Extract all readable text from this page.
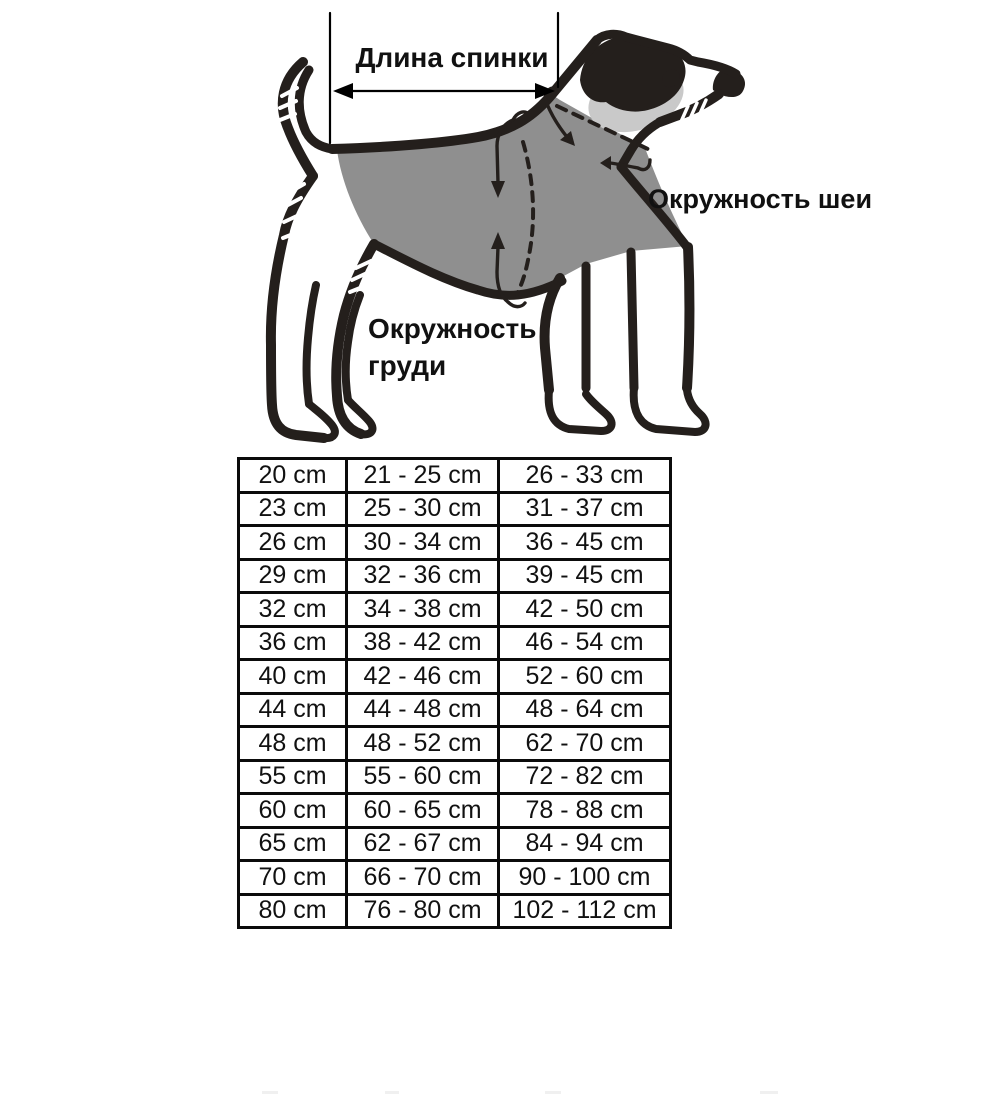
Длина спинки
Окружность шеи
Окружность
груди
20 cm	21 - 25 cm	26 - 33 cm
23 cm	25 - 30 cm	31 - 37 cm
26 cm	30 - 34 cm	36 - 45 cm
29 cm	32 - 36 cm	39 - 45 cm
32 cm	34 - 38 cm	42 - 50 cm
36 cm	38 - 42 cm	46 - 54 cm
40 cm	42 - 46 cm	52 - 60 cm
44 cm	44 - 48 cm	48 - 64 cm
48 cm	48 - 52 cm	62 - 70 cm
55 cm	55 - 60 cm	72 - 82 cm
60 cm	60 - 65 cm	78 - 88 cm
65 cm	62 - 67 cm	84 - 94 cm
70 cm	66 - 70 cm	90 - 100 cm
80 cm	76 - 80 cm	102 - 112 cm
